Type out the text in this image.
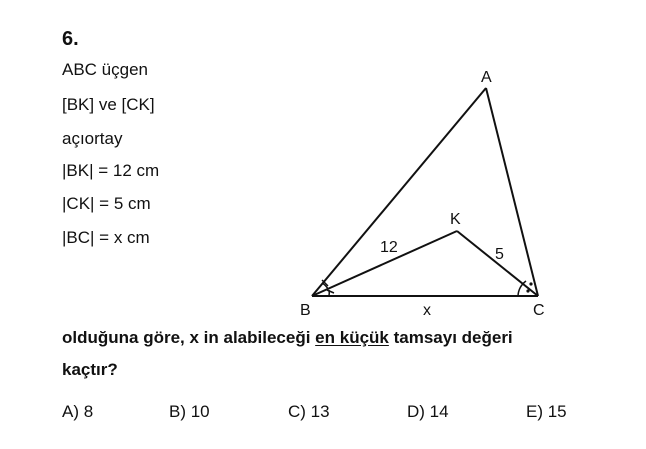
6.
ABC üçgen
[BK] ve [CK]
açıortay
|BK| = 12 cm
|CK| = 5 cm
|BC| = x cm
A
B	C
K
12	5
x
olduğuna göre, x in alabileceği en küçük tamsayı değeri
kaçtır?
A) 8	B) 10	C) 13	D) 14	E) 15
